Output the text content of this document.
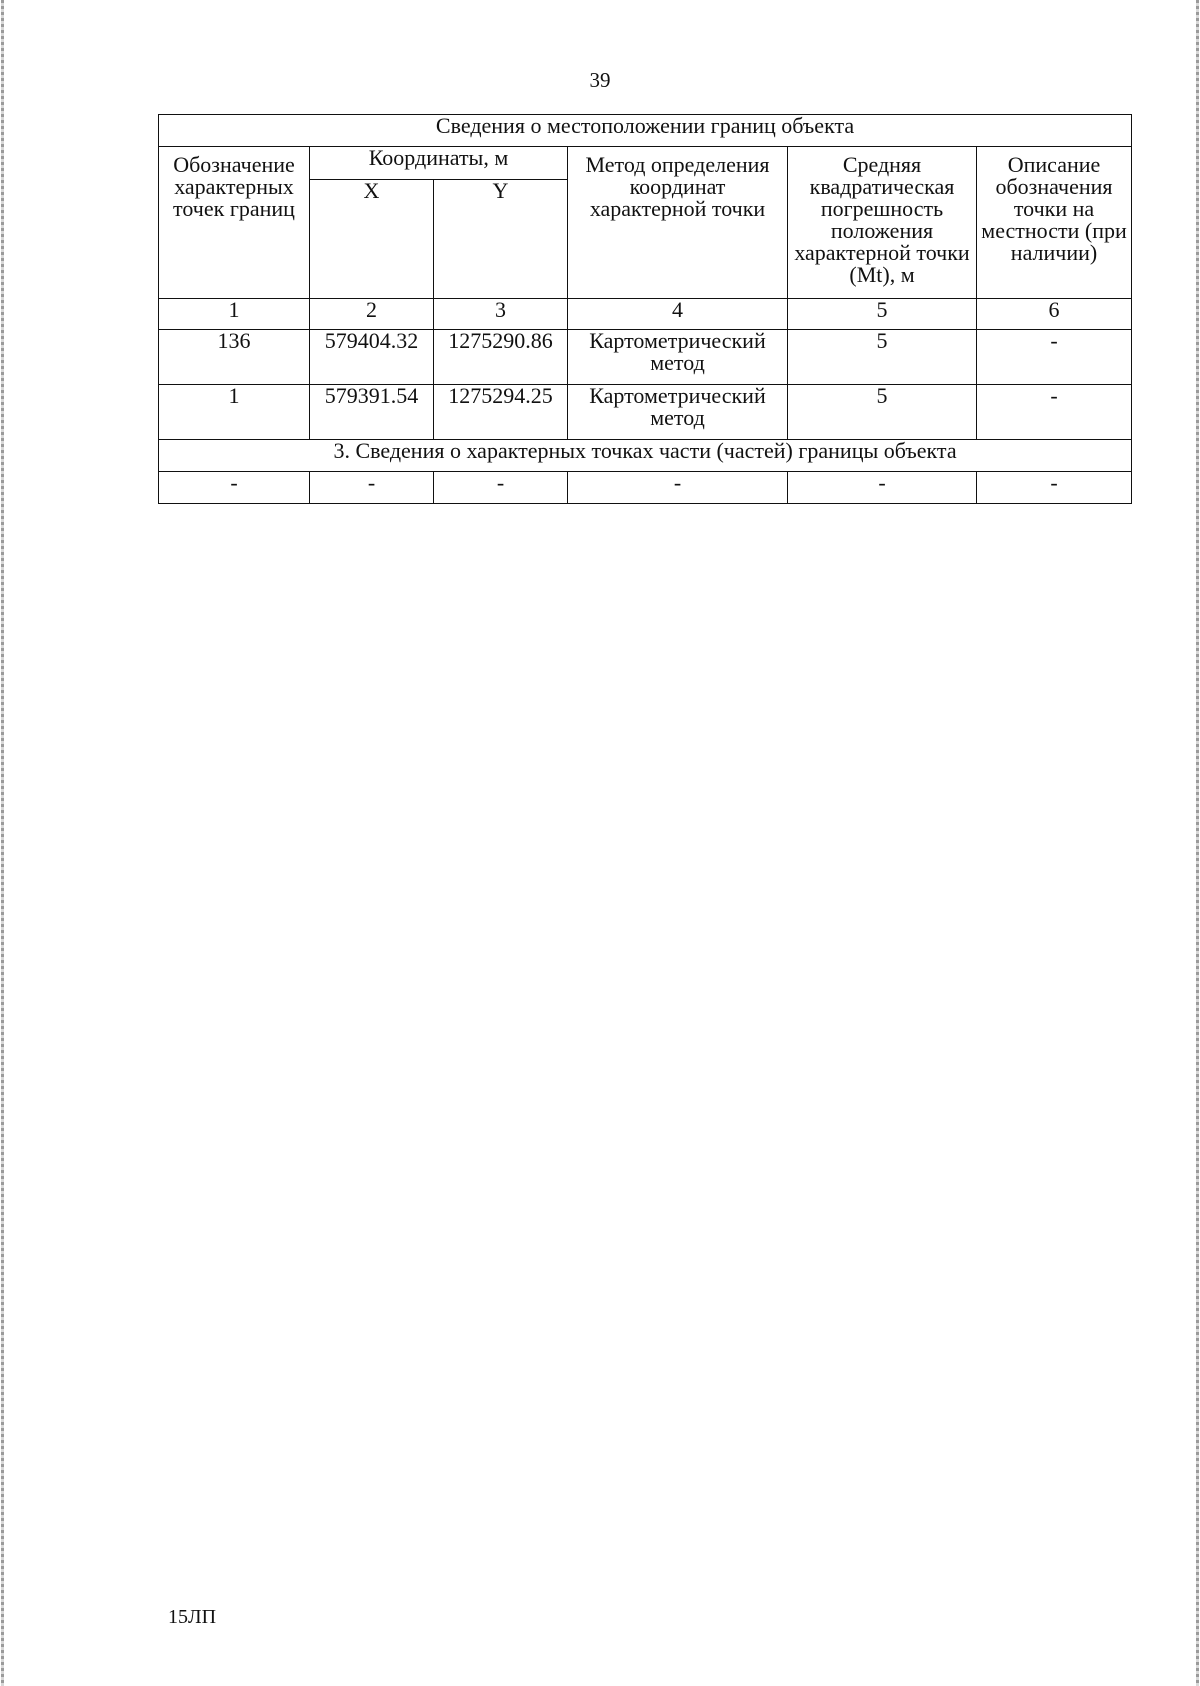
39
Сведения о местоположении границ объекта					
Обозначение характерных точек границ	Координаты, м		Метод определения координат характерной точки	Средняя квадратическая погрешность положения характерной точки (Mt), м	Описание обозначения точки на местности (при наличии)
	X	Y			
1	2	3	4	5	6
136	579404.32	1275290.86	Картометрический метод	5	-
1	579391.54	1275294.25	Картометрический метод	5	-
3. Сведения о характерных точках части (частей) границы объекта					
-	-	-	-	-	-
15ЛП
